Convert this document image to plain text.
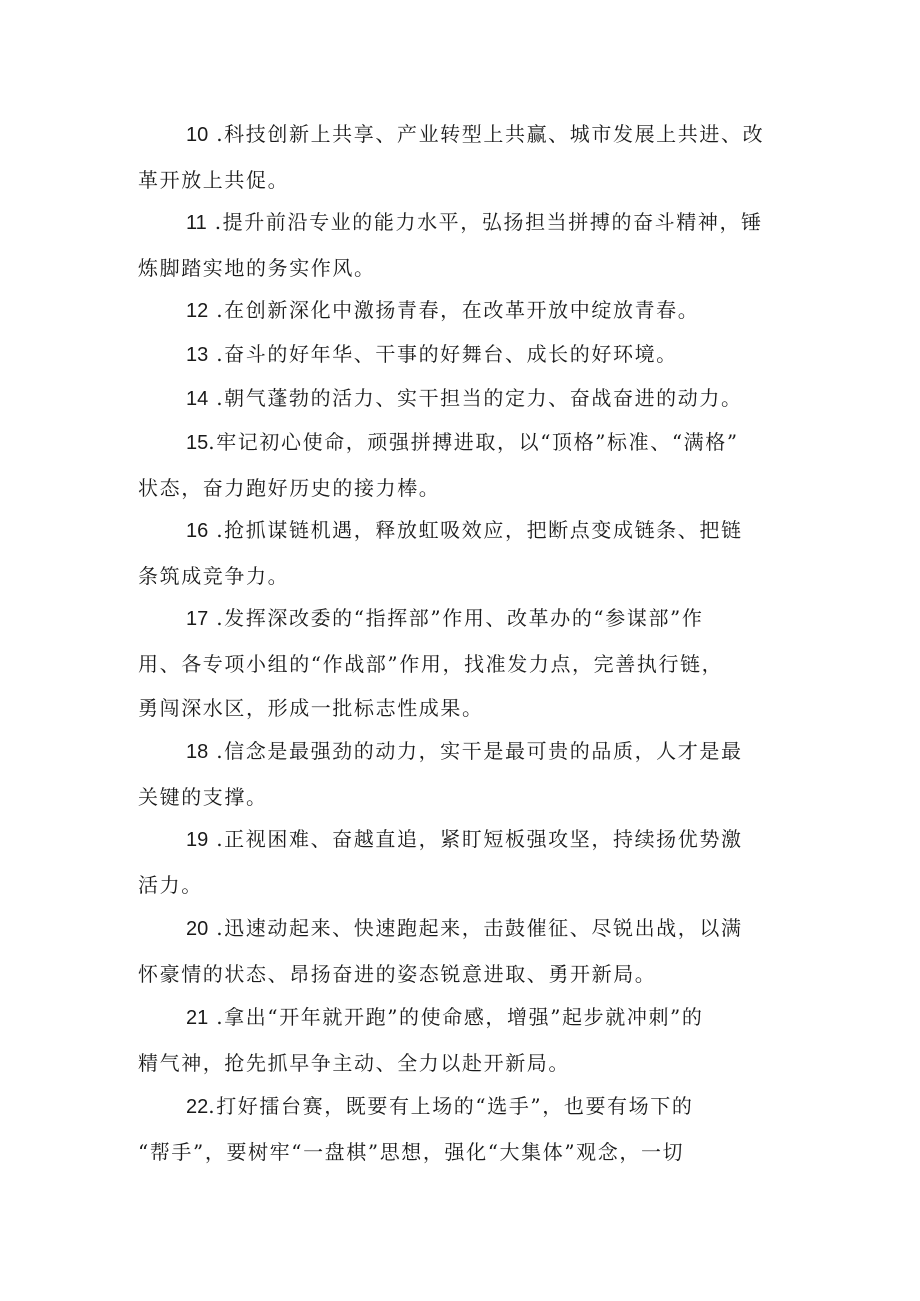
10 .科技创新上共享、产业转型上共赢、城市发展上共进、改
革开放上共促。

11 .提升前沿专业的能力水平，弘扬担当拼搏的奋斗精神，锤
炼脚踏实地的务实作风。

12 .在创新深化中激扬青春，在改革开放中绽放青春。

13 .奋斗的好年华、干事的好舞台、成长的好环境。

14 .朝气蓬勃的活力、实干担当的定力、奋战奋进的动力。

15.牢记初心使命，顽强拼搏进取，以“顶格”标准、“满格”
状态，奋力跑好历史的接力棒。

16 .抢抓谋链机遇，释放虹吸效应，把断点变成链条、把链
条筑成竞争力。

17 .发挥深改委的“指挥部”作用、改革办的“参谋部”作
用、各专项小组的“作战部”作用，找准发力点，完善执行链，
勇闯深水区，形成一批标志性成果。

18 .信念是最强劲的动力，实干是最可贵的品质，人才是最
关键的支撑。

19 .正视困难、奋越直追，紧盯短板强攻坚，持续扬优势激
活力。

20 .迅速动起来、快速跑起来，击鼓催征、尽锐出战，以满
怀豪情的状态、昂扬奋进的姿态锐意进取、勇开新局。

21 .拿出“开年就开跑”的使命感，增强”起步就冲刺”的
精气神，抢先抓早争主动、全力以赴开新局。

22.打好擂台赛，既要有上场的“选手”，也要有场下的
“帮手”，要树牢“一盘棋”思想，强化“大集体”观念，一切
